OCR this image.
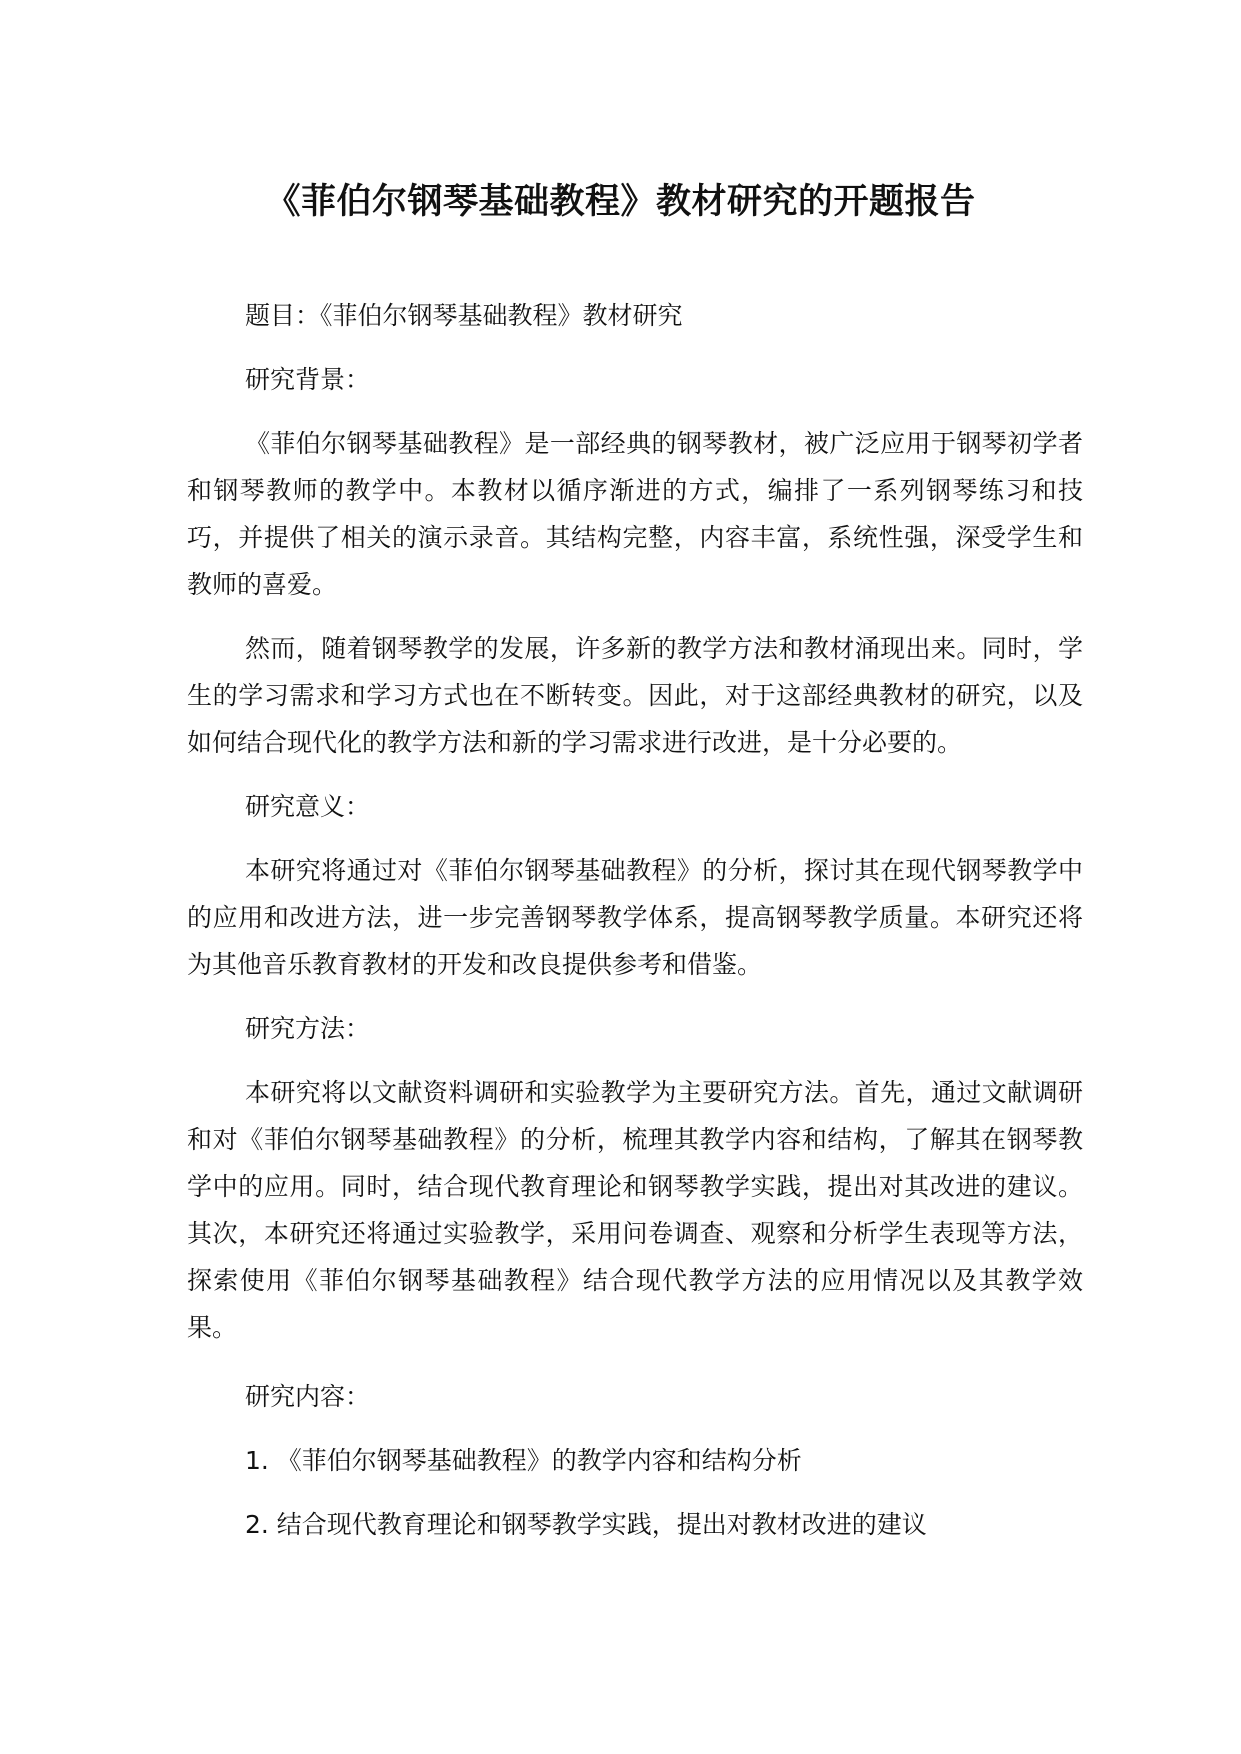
《菲伯尔钢琴基础教程》教材研究的开题报告

题目：《菲伯尔钢琴基础教程》教材研究

研究背景：

《菲伯尔钢琴基础教程》是一部经典的钢琴教材，被广泛应用于钢琴初学者和钢琴教师的教学中。本教材以循序渐进的方式，编排了一系列钢琴练习和技巧，并提供了相关的演示录音。其结构完整，内容丰富，系统性强，深受学生和教师的喜爱。

然而，随着钢琴教学的发展，许多新的教学方法和教材涌现出来。同时，学生的学习需求和学习方式也在不断转变。因此，对于这部经典教材的研究，以及如何结合现代化的教学方法和新的学习需求进行改进，是十分必要的。

研究意义：

本研究将通过对《菲伯尔钢琴基础教程》的分析，探讨其在现代钢琴教学中的应用和改进方法，进一步完善钢琴教学体系，提高钢琴教学质量。本研究还将为其他音乐教育教材的开发和改良提供参考和借鉴。

研究方法：

本研究将以文献资料调研和实验教学为主要研究方法。首先，通过文献调研和对《菲伯尔钢琴基础教程》的分析，梳理其教学内容和结构，了解其在钢琴教学中的应用。同时，结合现代教育理论和钢琴教学实践，提出对其改进的建议。其次，本研究还将通过实验教学，采用问卷调查、观察和分析学生表现等方法，探索使用《菲伯尔钢琴基础教程》结合现代教学方法的应用情况以及其教学效果。

研究内容：

1. 《菲伯尔钢琴基础教程》的教学内容和结构分析

2. 结合现代教育理论和钢琴教学实践，提出对教材改进的建议
